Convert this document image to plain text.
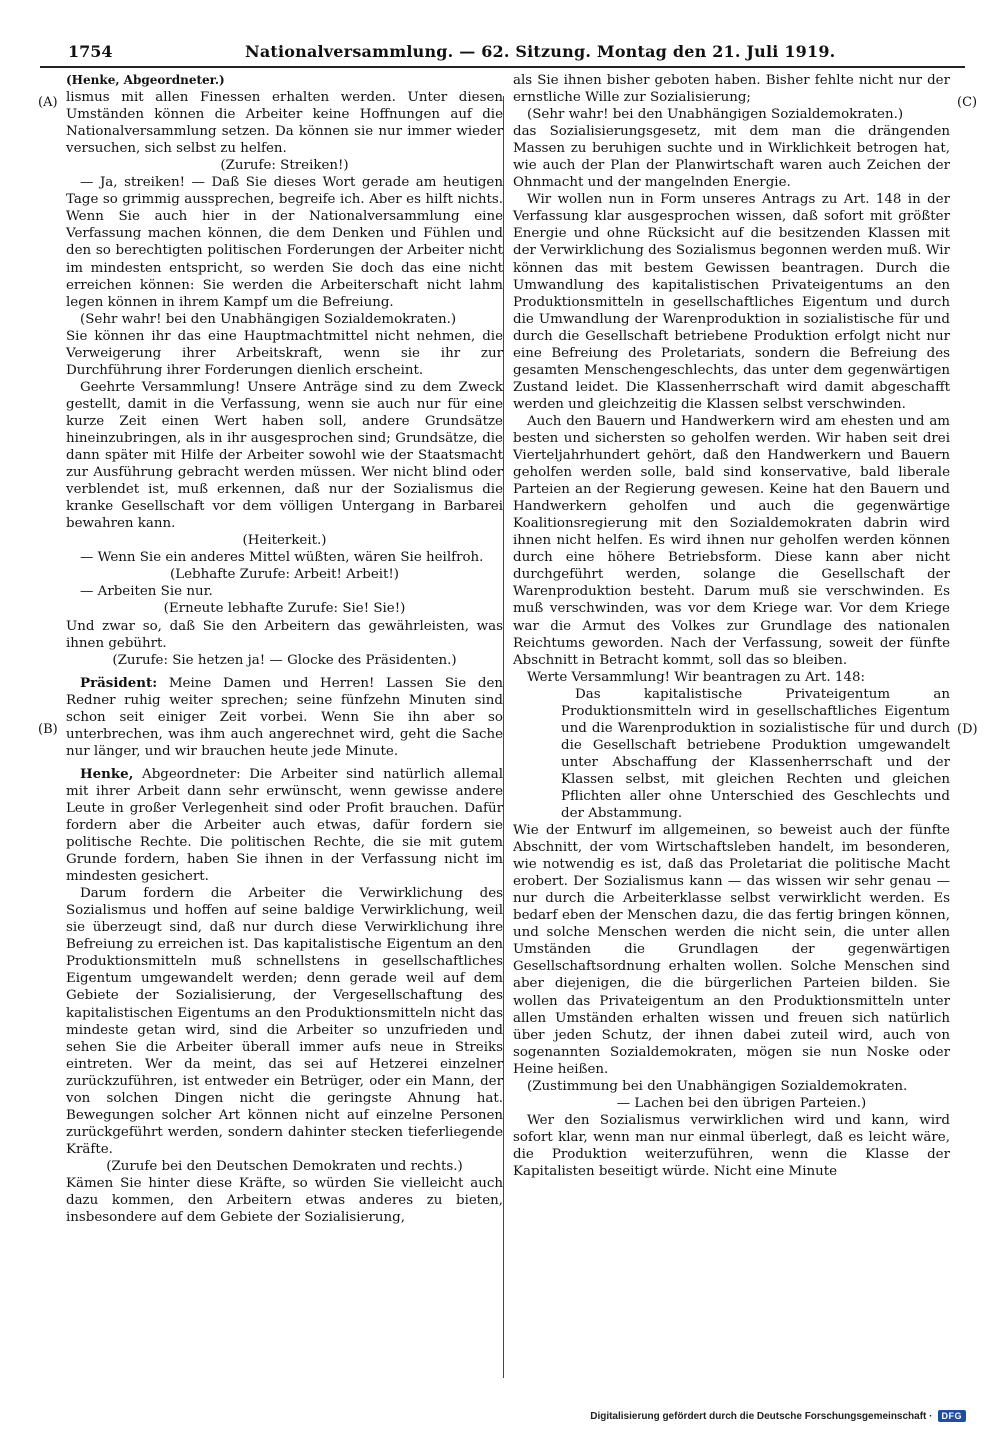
1754	Nationalversammlung. — 62. Sitzung. Montag den 21. Juli 1919.
(A)
(B)
(C)
(D)

(Henke, Abgeordneter.)

lismus mit allen Finessen erhalten werden. Unter diesen Umständen können die Arbeiter keine Hoffnungen auf die Nationalversammlung setzen. Da können sie nur immer wieder versuchen, sich selbst zu helfen.

(Zurufe: Streiken!)

— Ja, streiken! — Daß Sie dieses Wort gerade am heutigen Tage so grimmig aussprechen, begreife ich. Aber es hilft nichts. Wenn Sie auch hier in der Nationalversammlung eine Verfassung machen können, die dem Denken und Fühlen und den so berechtigten politischen Forderungen der Arbeiter nicht im mindesten entspricht, so werden Sie doch das eine nicht erreichen können: Sie werden die Arbeiterschaft nicht lahm legen können in ihrem Kampf um die Befreiung.

(Sehr wahr! bei den Unabhängigen Sozialdemokraten.)

Sie können ihr das eine Hauptmachtmittel nicht nehmen, die Verweigerung ihrer Arbeitskraft, wenn sie ihr zur Durchführung ihrer Forderungen dienlich erscheint.

Geehrte Versammlung! Unsere Anträge sind zu dem Zweck gestellt, damit in die Verfassung, wenn sie auch nur für eine kurze Zeit einen Wert haben soll, andere Grundsätze hineinzubringen, als in ihr ausgesprochen sind; Grundsätze, die dann später mit Hilfe der Arbeiter sowohl wie der Staatsmacht zur Ausführung gebracht werden müssen. Wer nicht blind oder verblendet ist, muß erkennen, daß nur der Sozialismus die kranke Gesellschaft vor dem völligen Untergang in Barbarei bewahren kann.

(Heiterkeit.)

— Wenn Sie ein anderes Mittel wüßten, wären Sie heilfroh.

(Lebhafte Zurufe: Arbeit! Arbeit!)

— Arbeiten Sie nur.

(Erneute lebhafte Zurufe: Sie! Sie!)

Und zwar so, daß Sie den Arbeitern das gewährleisten, was ihnen gebührt.

(Zurufe: Sie hetzen ja! — Glocke des Präsidenten.)

Präsident: Meine Damen und Herren! Lassen Sie den Redner ruhig weiter sprechen; seine fünfzehn Minuten sind schon seit einiger Zeit vorbei. Wenn Sie ihn aber so unterbrechen, was ihm auch angerechnet wird, geht die Sache nur länger, und wir brauchen heute jede Minute.

Henke, Abgeordneter: Die Arbeiter sind natürlich allemal mit ihrer Arbeit dann sehr erwünscht, wenn gewisse andere Leute in großer Verlegenheit sind oder Profit brauchen. Dafür fordern aber die Arbeiter auch etwas, dafür fordern sie politische Rechte. Die politischen Rechte, die sie mit gutem Grunde fordern, haben Sie ihnen in der Verfassung nicht im mindesten gesichert.

Darum fordern die Arbeiter die Verwirklichung des Sozialismus und hoffen auf seine baldige Verwirklichung, weil sie überzeugt sind, daß nur durch diese Verwirklichung ihre Befreiung zu erreichen ist. Das kapitalistische Eigentum an den Produktionsmitteln muß schnellstens in gesellschaftliches Eigentum umgewandelt werden; denn gerade weil auf dem Gebiete der Sozialisierung, der Vergesellschaftung des kapitalistischen Eigentums an den Produktionsmitteln nicht das mindeste getan wird, sind die Arbeiter so unzufrieden und sehen Sie die Arbeiter überall immer aufs neue in Streiks eintreten. Wer da meint, das sei auf Hetzerei einzelner zurückzuführen, ist entweder ein Betrüger, oder ein Mann, der von solchen Dingen nicht die geringste Ahnung hat. Bewegungen solcher Art können nicht auf einzelne Personen zurückgeführt werden, sondern dahinter stecken tieferliegende Kräfte.

(Zurufe bei den Deutschen Demokraten und rechts.)

Kämen Sie hinter diese Kräfte, so würden Sie vielleicht auch dazu kommen, den Arbeitern etwas anderes zu bieten, insbesondere auf dem Gebiete der Sozialisierung,

als Sie ihnen bisher geboten haben. Bisher fehlte nicht nur der ernstliche Wille zur Sozialisierung;

(Sehr wahr! bei den Unabhängigen Sozialdemokraten.)

das Sozialisierungsgesetz, mit dem man die drängenden Massen zu beruhigen suchte und in Wirklichkeit betrogen hat, wie auch der Plan der Planwirtschaft waren auch Zeichen der Ohnmacht und der mangelnden Energie.

Wir wollen nun in Form unseres Antrags zu Art. 148 in der Verfassung klar ausgesprochen wissen, daß sofort mit größter Energie und ohne Rücksicht auf die besitzenden Klassen mit der Verwirklichung des Sozialismus begonnen werden muß. Wir können das mit bestem Gewissen beantragen. Durch die Umwandlung des kapitalistischen Privateigentums an den Produktionsmitteln in gesellschaftliches Eigentum und durch die Umwandlung der Warenproduktion in sozialistische für und durch die Gesellschaft betriebene Produktion erfolgt nicht nur eine Befreiung des Proletariats, sondern die Befreiung des gesamten Menschengeschlechts, das unter dem gegenwärtigen Zustand leidet. Die Klassenherrschaft wird damit abgeschafft werden und gleichzeitig die Klassen selbst verschwinden.

Auch den Bauern und Handwerkern wird am ehesten und am besten und sichersten so geholfen werden. Wir haben seit drei Vierteljahrhundert gehört, daß den Handwerkern und Bauern geholfen werden solle, bald sind konservative, bald liberale Parteien an der Regierung gewesen. Keine hat den Bauern und Handwerkern geholfen und auch die gegenwärtige Koalitionsregierung mit den Sozialdemokraten dabrin wird ihnen nicht helfen. Es wird ihnen nur geholfen werden können durch eine höhere Betriebsform. Diese kann aber nicht durchgeführt werden, solange die Gesellschaft der Warenproduktion besteht. Darum muß sie verschwinden. Es muß verschwinden, was vor dem Kriege war. Vor dem Kriege war die Armut des Volkes zur Grundlage des nationalen Reichtums geworden. Nach der Verfassung, soweit der fünfte Abschnitt in Betracht kommt, soll das so bleiben.

Werte Versammlung! Wir beantragen zu Art. 148:

Das kapitalistische Privateigentum an Produktionsmitteln wird in gesellschaftliches Eigentum und die Warenproduktion in sozialistische für und durch die Gesellschaft betriebene Produktion umgewandelt unter Abschaffung der Klassenherrschaft und der Klassen selbst, mit gleichen Rechten und gleichen Pflichten aller ohne Unterschied des Geschlechts und der Abstammung.

Wie der Entwurf im allgemeinen, so beweist auch der fünfte Abschnitt, der vom Wirtschaftsleben handelt, im besonderen, wie notwendig es ist, daß das Proletariat die politische Macht erobert. Der Sozialismus kann — das wissen wir sehr genau — nur durch die Arbeiterklasse selbst verwirklicht werden. Es bedarf eben der Menschen dazu, die das fertig bringen können, und solche Menschen werden die nicht sein, die unter allen Umständen die Grundlagen der gegenwärtigen Gesellschaftsordnung erhalten wollen. Solche Menschen sind aber diejenigen, die die bürgerlichen Parteien bilden. Sie wollen das Privateigentum an den Produktionsmitteln unter allen Umständen erhalten wissen und freuen sich natürlich über jeden Schutz, der ihnen dabei zuteil wird, auch von sogenannten Sozialdemokraten, mögen sie nun Noske oder Heine heißen.

(Zustimmung bei den Unabhängigen Sozialdemokraten.

— Lachen bei den übrigen Parteien.)

Wer den Sozialismus verwirklichen wird und kann, wird sofort klar, wenn man nur einmal überlegt, daß es leicht wäre, die Produktion weiterzuführen, wenn die Klasse der Kapitalisten beseitigt würde. Nicht eine Minute

Digitalisierung gefördert durch die Deutsche Forschungsgemeinschaft ·	DFG
